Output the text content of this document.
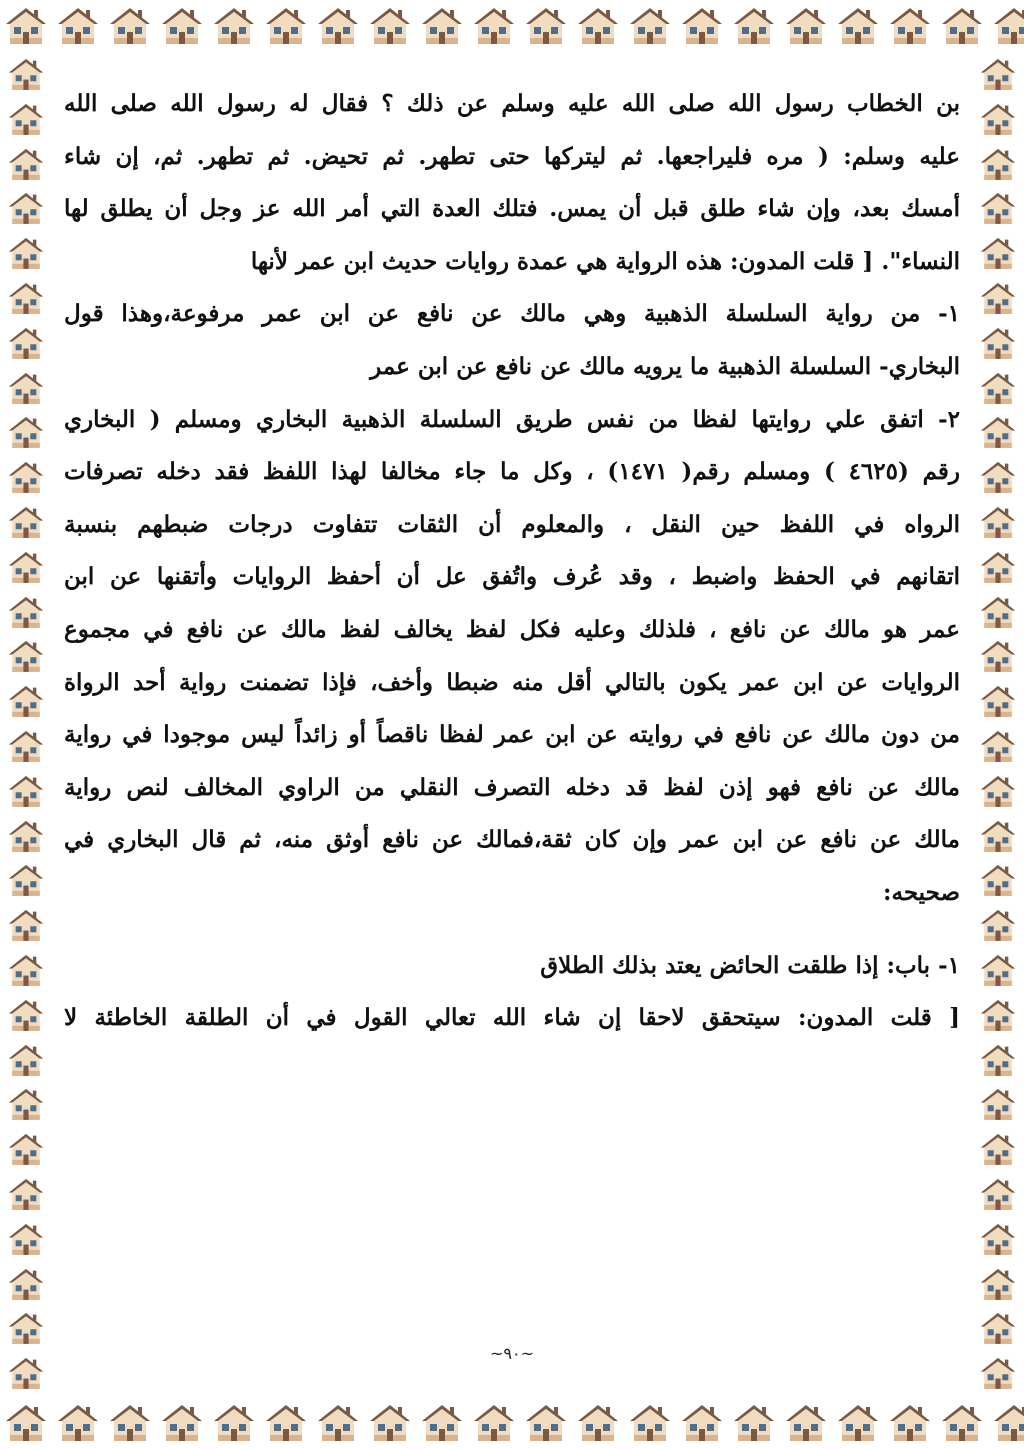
بن الخطاب رسول الله صلى الله عليه وسلم عن ذلك ؟ فقال له رسول الله صلى الله
عليه وسلم: ( مره فليراجعها. ثم ليتركها حتى تطهر. ثم تحيض. ثم تطهر. ثم، إن شاء
أمسك بعد، وإن شاء طلق قبل أن يمس. فتلك العدة التي أمر الله عز وجل أن يطلق لها
النساء". [ قلت المدون: هذه الرواية هي عمدة روايات حديث ابن عمر لأنها
١- من رواية السلسلة الذهبية وهي مالك عن نافع عن ابن عمر مرفوعة،وهذا قول
البخاري- السلسلة الذهبية ما يرويه مالك عن نافع عن ابن عمر
٢- اتفق علي روايتها لفظا من نفس طريق السلسلة الذهبية البخاري ومسلم ( البخاري
رقم (٤٦٢٥ ) ومسلم رقم( ١٤٧١) ، وكل ما جاء مخالفا لهذا اللفظ فقد دخله تصرفات
الرواه في اللفظ حين النقل ، والمعلوم أن الثقات تتفاوت درجات ضبطهم بنسبة
اتقانهم في الحفظ واضبط ، وقد عُرف واتُفق عل أن أحفظ الروايات وأتقنها عن ابن
عمر هو مالك عن نافع ، فلذلك وعليه فكل لفظ يخالف لفظ مالك عن نافع في مجموع
الروايات عن ابن عمر يكون بالتالي أقل منه ضبطا وأخف، فإذا تضمنت رواية أحد الرواة
من دون مالك عن نافع في روايته عن ابن عمر لفظا ناقصاً أو زائداً ليس موجودا في رواية
مالك عن نافع فهو إذن لفظ قد دخله التصرف النقلي من الراوي المخالف لنص رواية
مالك عن نافع عن ابن عمر وإن كان ثقة،فمالك عن نافع أوثق منه، ثم قال البخاري في
صحيحه:
١- باب: إذا طلقت الحائض يعتد بذلك الطلاق
[ قلت المدون: سيتحقق لاحقا إن شاء الله تعالي القول في أن الطلقة الخاطئة لا
~٩٠~
